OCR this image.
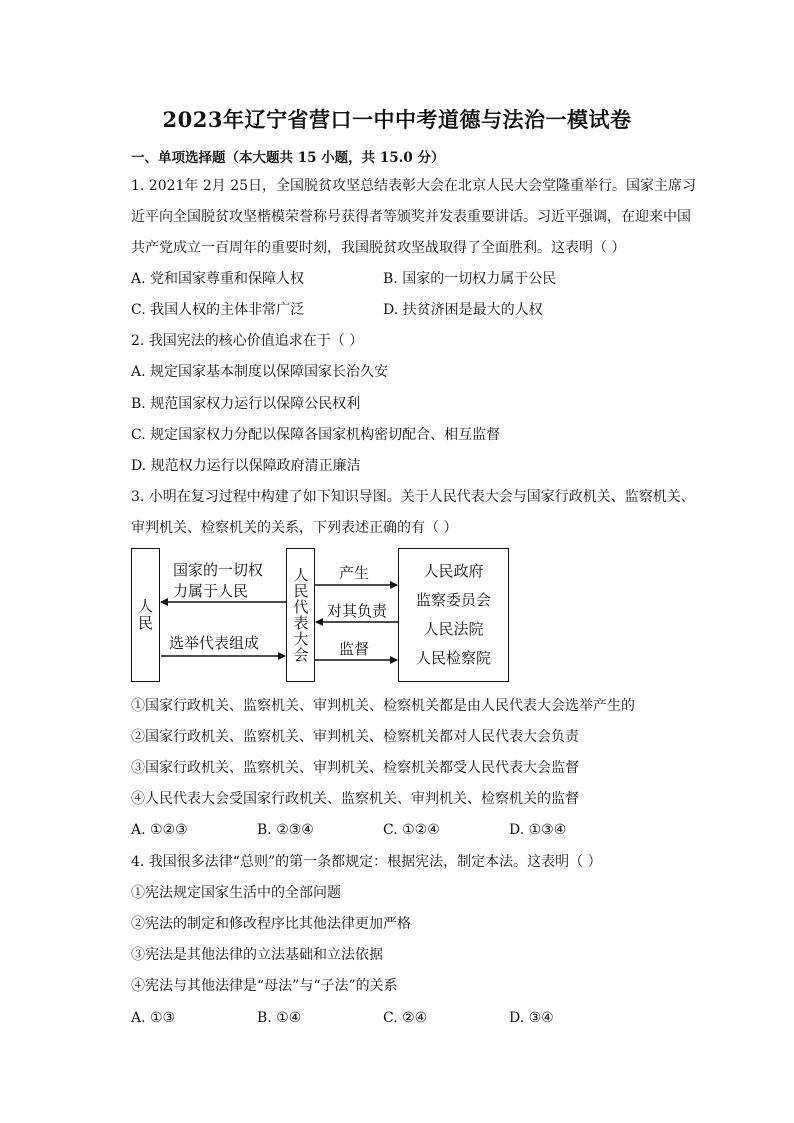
2023年辽宁省营口一中中考道德与法治一模试卷
一、单项选择题（本大题共 15 小题，共 15.0 分）
1. 2021年 2月 25日，全国脱贫攻坚总结表彰大会在北京人民大会堂隆重举行。国家主席习
近平向全国脱贫攻坚楷模荣誉称号获得者等颁奖并发表重要讲话。习近平强调，在迎来中国
共产党成立一百周年的重要时刻，我国脱贫攻坚战取得了全面胜利。这表明（ ）
A. 党和国家尊重和保障人权	B. 国家的一切权力属于公民
C. 我国人权的主体非常广泛	D. 扶贫济困是最大的人权
2. 我国宪法的核心价值追求在于（ ）
A. 规定国家基本制度以保障国家长治久安
B. 规范国家权力运行以保障公民权利
C. 规定国家权力分配以保障各国家机构密切配合、相互监督
D. 规范权力运行以保障政府清正廉洁
3. 小明在复习过程中构建了如下知识导图。关于人民代表大会与国家行政机关、监察机关、
审判机关、检察机关的关系，下列表述正确的有（ ）
人民	人民代表大会	人民政府
监察委员会
人民法院
人民检察院
国家的一切权
力属于人民
选举代表组成
产生
对其负责
监督
①国家行政机关、监察机关、审判机关、检察机关都是由人民代表大会选举产生的
②国家行政机关、监察机关、审判机关、检察机关都对人民代表大会负责
③国家行政机关、监察机关、审判机关、检察机关都受人民代表大会监督
④人民代表大会受国家行政机关、监察机关、审判机关、检察机关的监督
A. ①②③	B. ②③④	C. ①②④	D. ①③④
4. 我国很多法律“总则”的第一条都规定：根据宪法，制定本法。这表明（ ）
①宪法规定国家生活中的全部问题
②宪法的制定和修改程序比其他法律更加严格
③宪法是其他法律的立法基础和立法依据
④宪法与其他法律是“母法”与“子法”的关系
A. ①③	B. ①④	C. ②④	D. ③④
